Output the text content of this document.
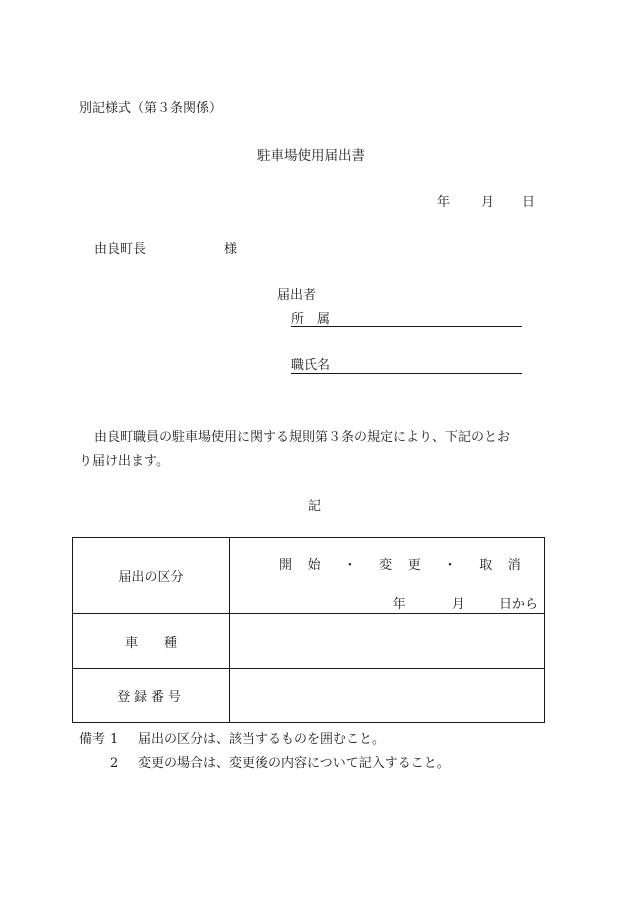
別記様式（第３条関係）
駐車場使用届出書
年 月 日
由良町長	様
届出者
所　属
職氏名
由良町職員の駐車場使用に関する規則第３条の規定により、下記のとお
り届け出ます。
記
届出の区分	開　始 ・ 変　更 ・ 取　消
年 月 日から

車　　種	
登録番号	
備考 1 届出の区分は、該当するものを囲むこと。
2 変更の場合は、変更後の内容について記入すること。
